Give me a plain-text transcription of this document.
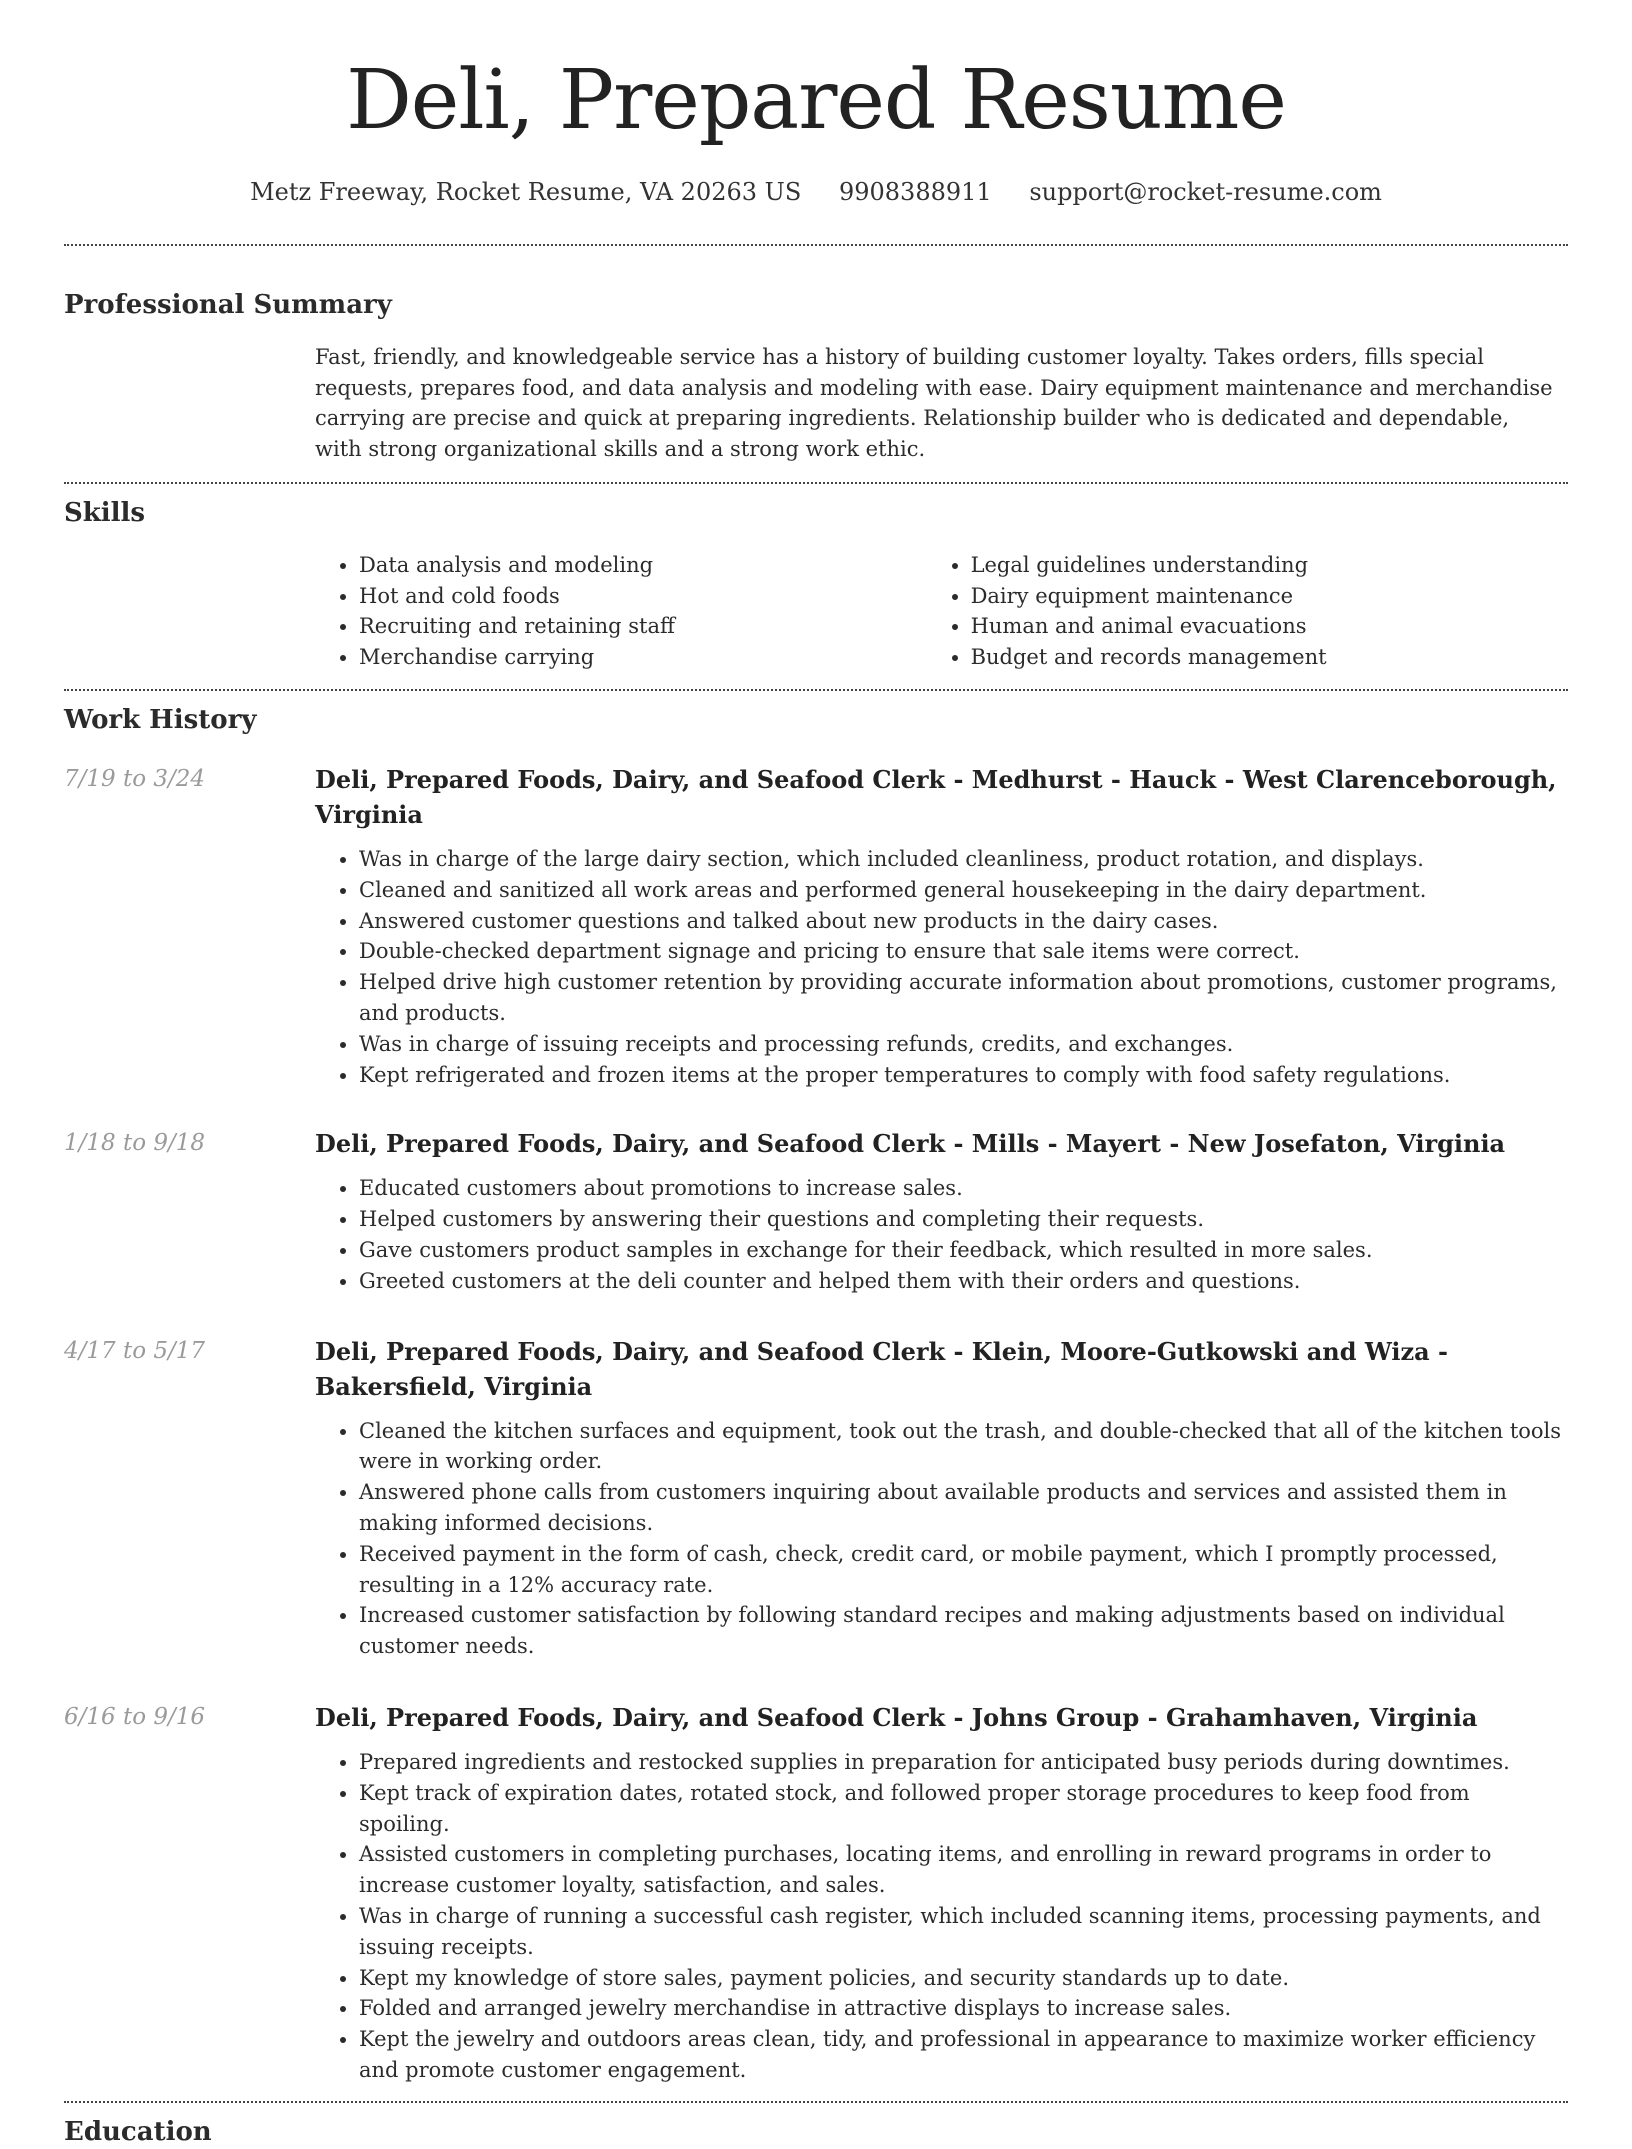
Deli, Prepared Resume
Metz Freeway, Rocket Resume, VA 20263 US 9908388911 support@rocket-resume.com
Professional Summary

Fast, friendly, and knowledgeable service has a history of building customer loyalty. Takes orders, fills special requests, prepares food, and data analysis and modeling with ease. Dairy equipment maintenance and merchandise carrying are precise and quick at preparing ingredients. Relationship builder who is dedicated and dependable, with strong organizational skills and a strong work ethic.

Skills
• Data analysis and modeling
• Hot and cold foods
• Recruiting and retaining staff
• Merchandise carrying
• Legal guidelines understanding
• Dairy equipment maintenance
• Human and animal evacuations
• Budget and records management
Work History
7/19 to 3/24	Deli, Prepared Foods, Dairy, and Seafood Clerk - Medhurst - Hauck - West Clarenceborough, Virginia
• Was in charge of the large dairy section, which included cleanliness, product rotation, and displays.
• Cleaned and sanitized all work areas and performed general housekeeping in the dairy department.
• Answered customer questions and talked about new products in the dairy cases.
• Double-checked department signage and pricing to ensure that sale items were correct.
• Helped drive high customer retention by providing accurate information about promotions, customer programs, and products.
• Was in charge of issuing receipts and processing refunds, credits, and exchanges.
• Kept refrigerated and frozen items at the proper temperatures to comply with food safety regulations.
1/18 to 9/18	Deli, Prepared Foods, Dairy, and Seafood Clerk - Mills - Mayert - New Josefaton, Virginia
• Educated customers about promotions to increase sales.
• Helped customers by answering their questions and completing their requests.
• Gave customers product samples in exchange for their feedback, which resulted in more sales.
• Greeted customers at the deli counter and helped them with their orders and questions.
4/17 to 5/17	Deli, Prepared Foods, Dairy, and Seafood Clerk - Klein, Moore-Gutkowski and Wiza - Bakersfield, Virginia
• Cleaned the kitchen surfaces and equipment, took out the trash, and double-checked that all of the kitchen tools were in working order.
• Answered phone calls from customers inquiring about available products and services and assisted them in making informed decisions.
• Received payment in the form of cash, check, credit card, or mobile payment, which I promptly processed, resulting in a 12% accuracy rate.
• Increased customer satisfaction by following standard recipes and making adjustments based on individual customer needs.
6/16 to 9/16	Deli, Prepared Foods, Dairy, and Seafood Clerk - Johns Group - Grahamhaven, Virginia
• Prepared ingredients and restocked supplies in preparation for anticipated busy periods during downtimes.
• Kept track of expiration dates, rotated stock, and followed proper storage procedures to keep food from spoiling.
• Assisted customers in completing purchases, locating items, and enrolling in reward programs in order to increase customer loyalty, satisfaction, and sales.
• Was in charge of running a successful cash register, which included scanning items, processing payments, and issuing receipts.
• Kept my knowledge of store sales, payment policies, and security standards up to date.
• Folded and arranged jewelry merchandise in attractive displays to increase sales.
• Kept the jewelry and outdoors areas clean, tidy, and professional in appearance to maximize worker efficiency and promote customer engagement.
Education
